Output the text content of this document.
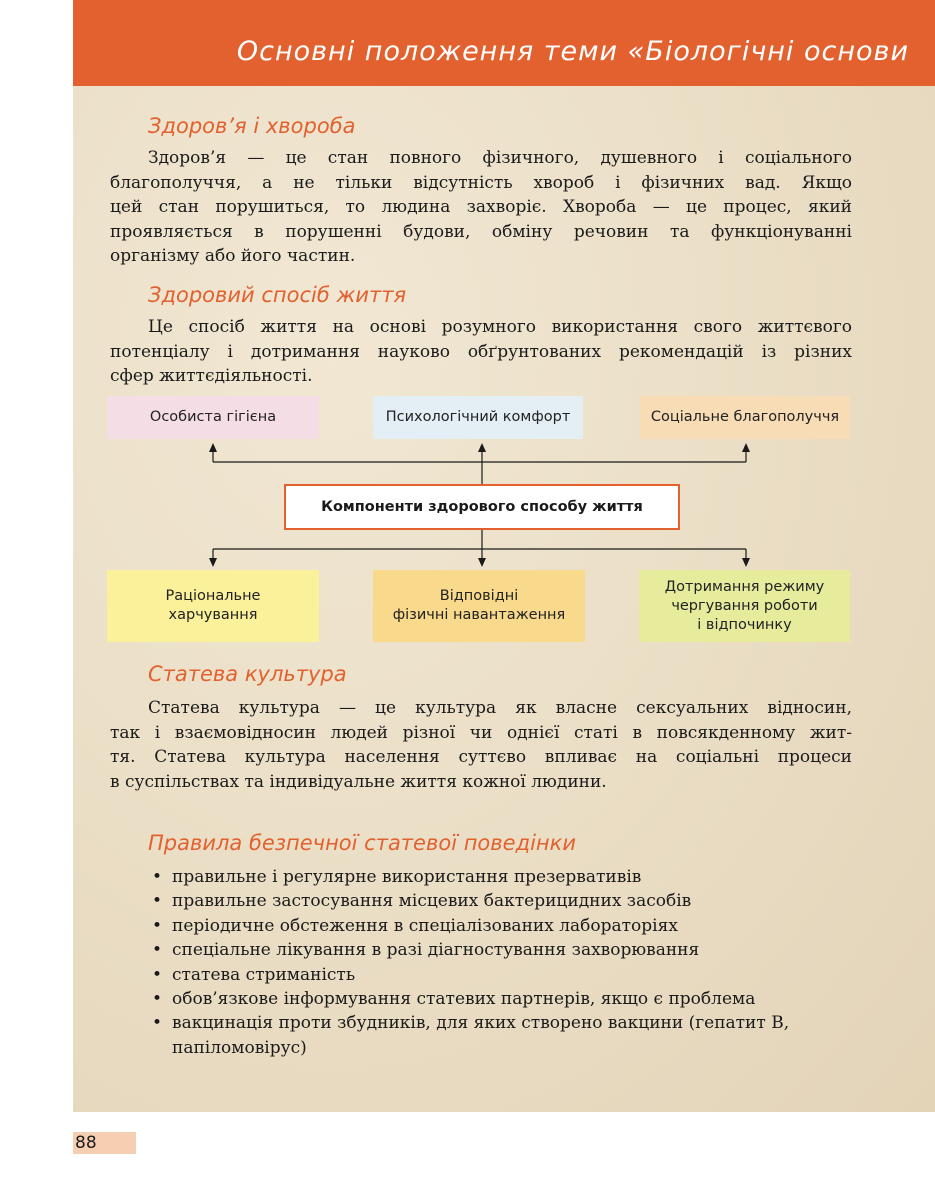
Основні положення теми «Біологічні основи
Здоров’я і хвороба

Здоров’я — це стан повного фізичного, душевного і соціального
благополуччя, а не тільки відсутність хвороб і фізичних вад. Якщо
цей стан порушиться, то людина захворіє. Хвороба — це процес, який
проявляється в порушенні будови, обміну речовин та функціонуванні
організму або його частин.

Здоровий спосіб життя

Це спосіб життя на основі розумного використання свого життєвого
потенціалу і дотримання науково обґрунтованих рекомендацій із різних
сфер життєдіяльності.

Особиста гігієна	Психологічний комфорт	Соціальне благополуччя
Компоненти здорового способу життя
Раціональне
харчування
Відповідні
фізичні навантаження
Дотримання режиму
чергування роботи
і відпочинку
Статева культура

Статева культура — це культура як власне сексуальних відносин,
так і взаємовідносин людей різної чи однієї статі в повсякденному жит-
тя. Статева культура населення суттєво впливає на соціальні процеси
в суспільствах та індивідуальне життя кожної людини.

Правила безпечної статевої поведінки
• правильне і регулярне використання презервативів
• правильне застосування місцевих бактерицидних засобів
• періодичне обстеження в спеціалізованих лабораторіях
• спеціальне лікування в разі діагностування захворювання
• статева стриманість
• обов’язкове інформування статевих партнерів, якщо є проблема
• вакцинація проти збудників, для яких створено вакцини (гепатит В,
папіломовірус)
88
